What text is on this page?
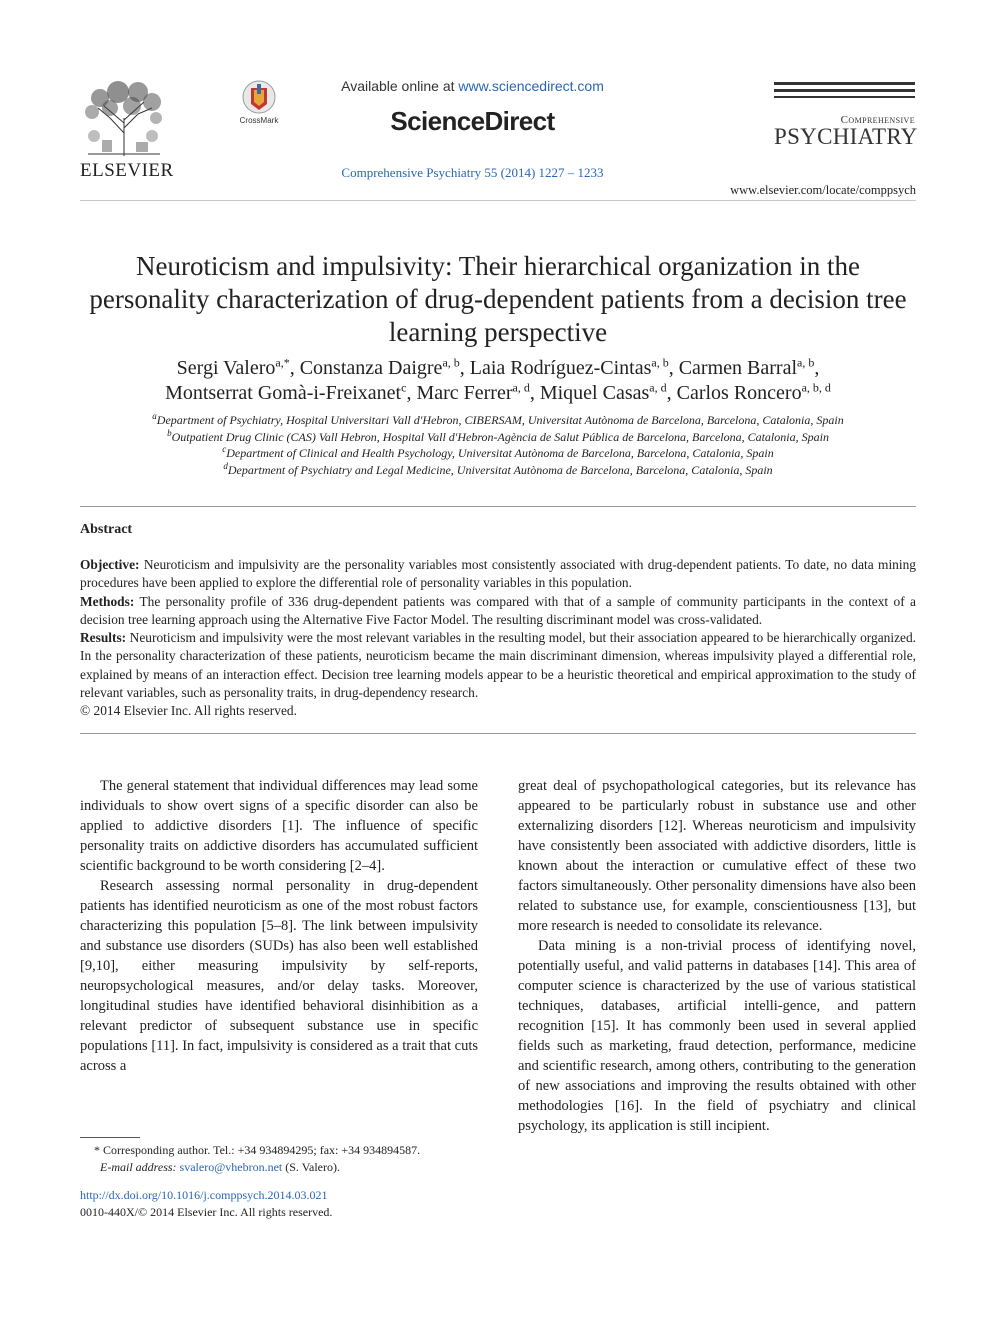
ELSEVIER
CrossMark
Available online at www.sciencedirect.com
ScienceDirect
Comprehensive Psychiatry 55 (2014) 1227 – 1233
Comprehensive
PSYCHIATRY
www.elsevier.com/locate/comppsych
Neuroticism and impulsivity: Their hierarchical organization in the personality characterization of drug-dependent patients from a decision tree learning perspective
Sergi Valero$^{a,*}$, Constanza Daigre$^{a, b}$, Laia Rodríguez-Cintas$^{a, b}$, Carmen Barral$^{a, b}$,
Montserrat Gomà-i-Freixanet$^c$, Marc Ferrer$^{a, d}$, Miquel Casas$^{a, d}$, Carlos Roncero$^{a, b, d}$
$^a$Department of Psychiatry, Hospital Universitari Vall d'Hebron, CIBERSAM, Universitat Autònoma de Barcelona, Barcelona, Catalonia, Spain
$^b$Outpatient Drug Clinic (CAS) Vall Hebron, Hospital Vall d'Hebron-Agència de Salut Pública de Barcelona, Barcelona, Catalonia, Spain
$^c$Department of Clinical and Health Psychology, Universitat Autònoma de Barcelona, Barcelona, Catalonia, Spain
$^d$Department of Psychiatry and Legal Medicine, Universitat Autònoma de Barcelona, Barcelona, Catalonia, Spain
Abstract

Objective: Neuroticism and impulsivity are the personality variables most consistently associated with drug-dependent patients. To date, no data mining procedures have been applied to explore the differential role of personality variables in this population.

Methods: The personality profile of 336 drug-dependent patients was compared with that of a sample of community participants in the context of a decision tree learning approach using the Alternative Five Factor Model. The resulting discriminant model was cross-validated.

Results: Neuroticism and impulsivity were the most relevant variables in the resulting model, but their association appeared to be hierarchically organized. In the personality characterization of these patients, neuroticism became the main discriminant dimension, whereas impulsivity played a differential role, explained by means of an interaction effect. Decision tree learning models appear to be a heuristic theoretical and empirical approximation to the study of relevant variables, such as personality traits, in drug-dependency research.

© 2014 Elsevier Inc. All rights reserved.

The general statement that individual differences may lead some individuals to show overt signs of a specific disorder can also be applied to addictive disorders [1]. The influence of specific personality traits on addictive disorders has accumulated sufficient scientific background to be worth considering [2–4].

Research assessing normal personality in drug-dependent patients has identified neuroticism as one of the most robust factors characterizing this population [5–8]. The link between impulsivity and substance use disorders (SUDs) has also been well established [9,10], either measuring impulsivity by self-reports, neuropsychological measures, and/or delay tasks. Moreover, longitudinal studies have identified behavioral disinhibition as a relevant predictor of subsequent substance use in specific populations [11]. In fact, impulsivity is considered as a trait that cuts across a

great deal of psychopathological categories, but its relevance has appeared to be particularly robust in substance use and other externalizing disorders [12]. Whereas neuroticism and impulsivity have consistently been associated with addictive disorders, little is known about the interaction or cumulative effect of these two factors simultaneously. Other personality dimensions have also been related to substance use, for example, conscientiousness [13], but more research is needed to consolidate its relevance.

Data mining is a non-trivial process of identifying novel, potentially useful, and valid patterns in databases [14]. This area of computer science is characterized by the use of various statistical techniques, databases, artificial intelli-gence, and pattern recognition [15]. It has commonly been used in several applied fields such as marketing, fraud detection, performance, medicine and scientific research, among others, contributing to the generation of new associations and improving the results obtained with other methodologies [16]. In the field of psychiatry and clinical psychology, its application is still incipient.

* Corresponding author. Tel.: +34 934894295; fax: +34 934894587.
E-mail address: svalero@vhebron.net (S. Valero).
http://dx.doi.org/10.1016/j.comppsych.2014.03.021
0010-440X/© 2014 Elsevier Inc. All rights reserved.
